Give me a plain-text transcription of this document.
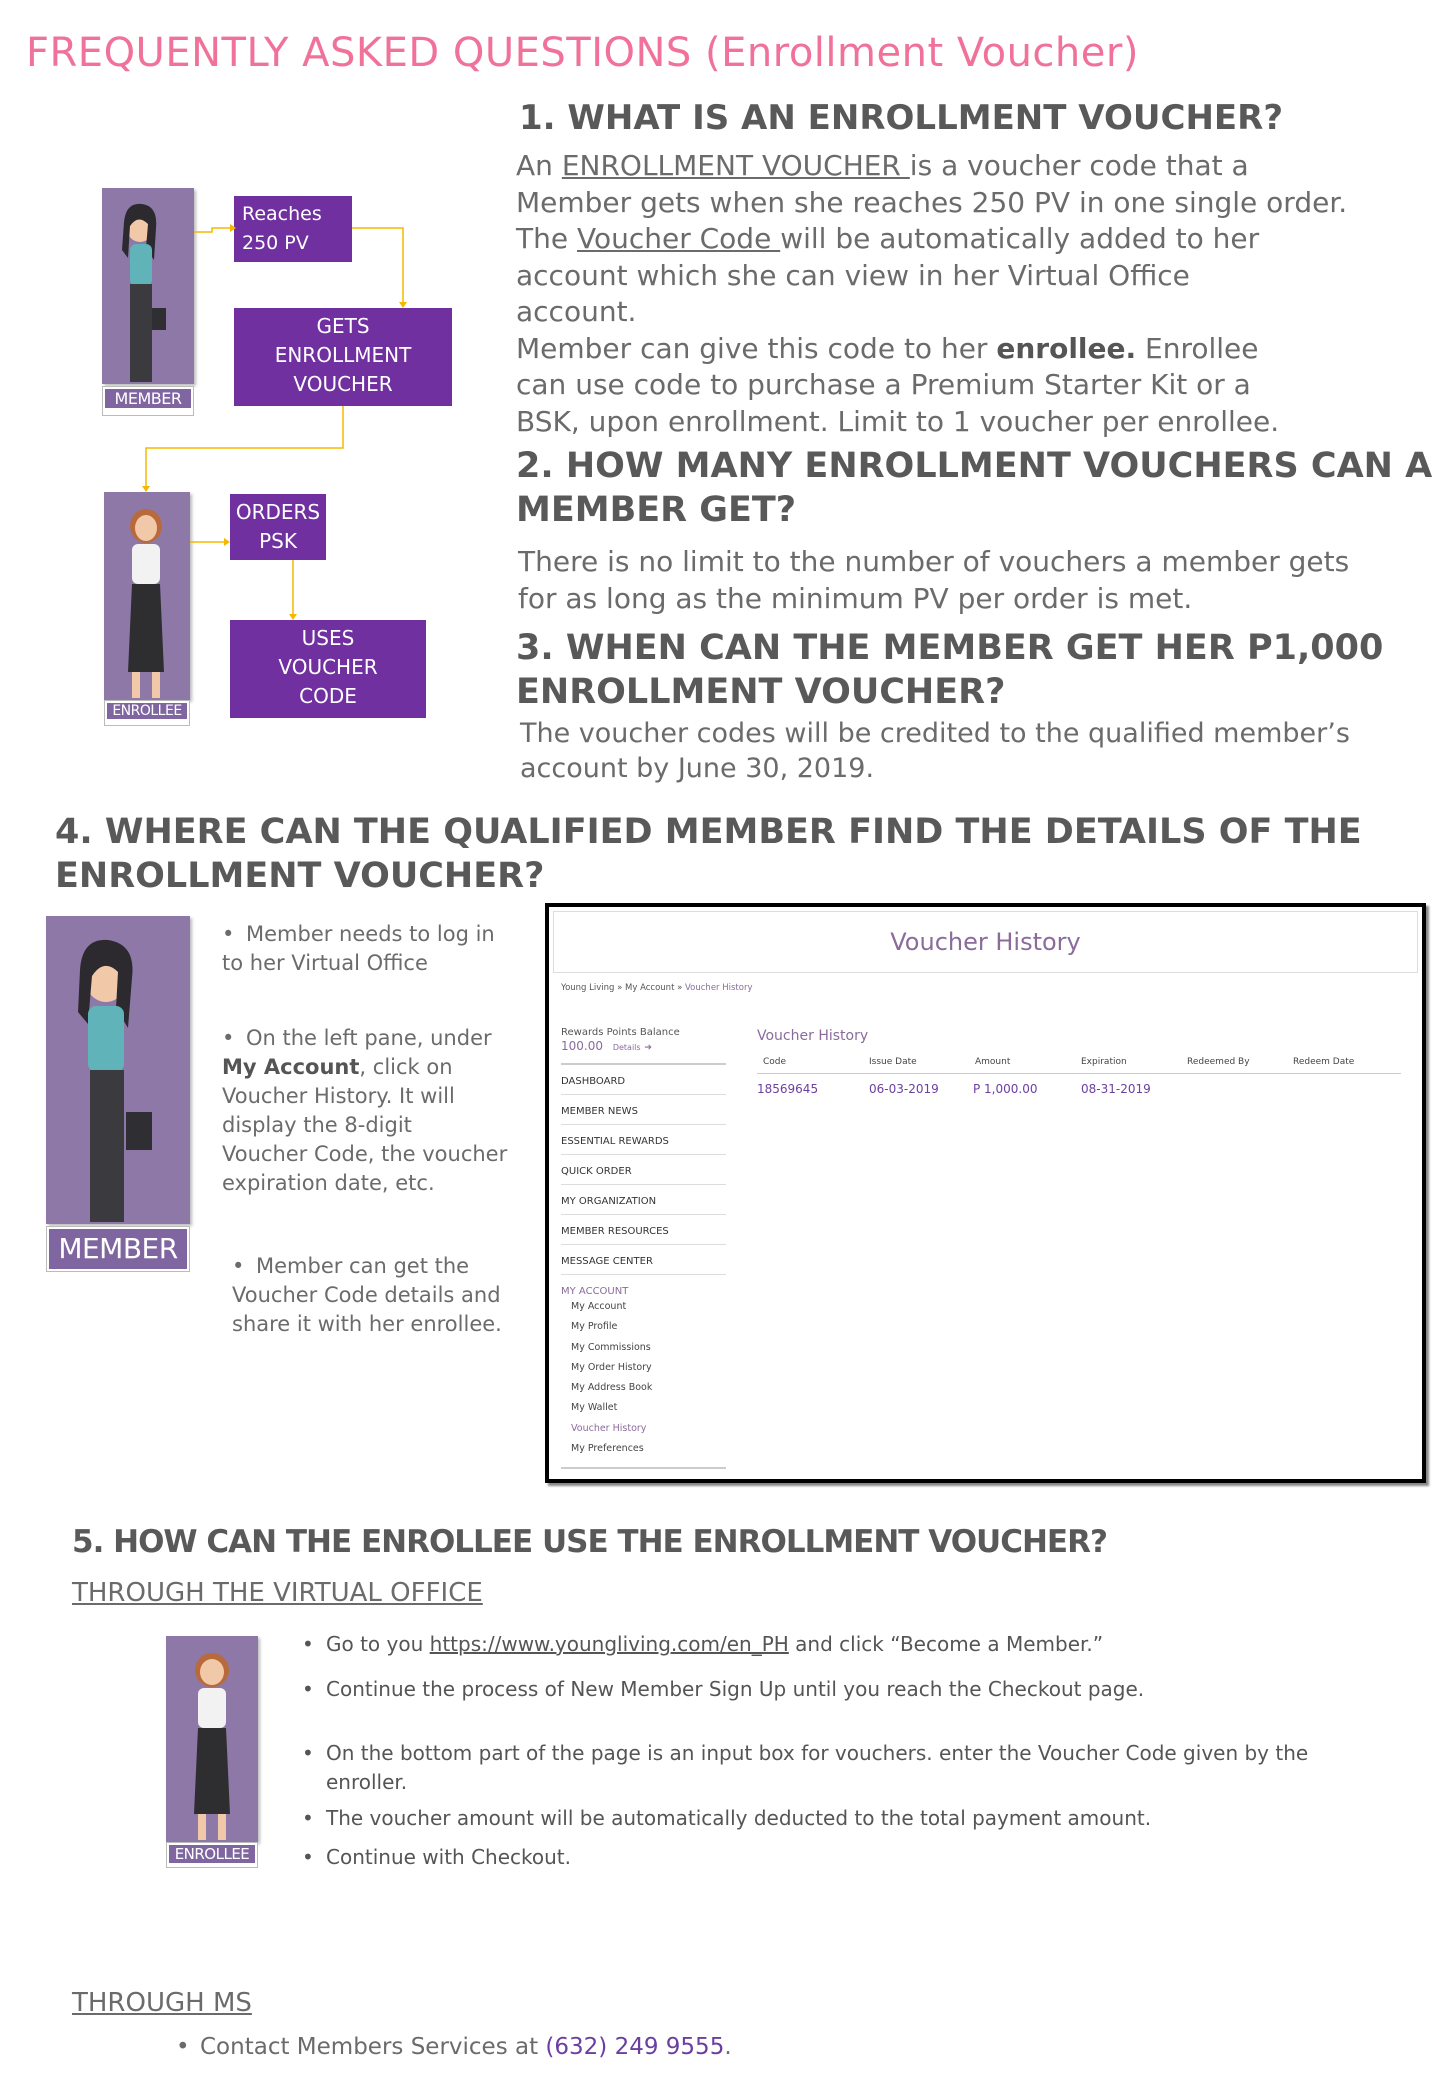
FREQUENTLY ASKED QUESTIONS (Enrollment Voucher)
MEMBER
Reaches
250 PV
GETS
ENROLLMENT
VOUCHER
ENROLLEE
ORDERS
PSK
USES
VOUCHER
CODE
1. WHAT IS AN ENROLLMENT VOUCHER?
An ENROLLMENT VOUCHER is a voucher code that a
Member gets when she reaches 250 PV in one single order.
The Voucher Code will be automatically added to her
account which she can view in her Virtual Office
account.
Member can give this code to her enrollee. Enrollee
can use code to purchase a Premium Starter Kit or a
BSK, upon enrollment. Limit to 1 voucher per enrollee.
2. HOW MANY ENROLLMENT VOUCHERS CAN A
MEMBER GET?
There is no limit to the number of vouchers a member gets
for as long as the minimum PV per order is met.
3. WHEN CAN THE MEMBER GET HER P1,000
ENROLLMENT VOUCHER?
The voucher codes will be credited to the qualified member’s
account by June 30, 2019.
4. WHERE CAN THE QUALIFIED MEMBER FIND THE DETAILS OF THE
ENROLLMENT VOUCHER?
MEMBER
• Member needs to log in
to her Virtual Office
• On the left pane, under
My Account, click on
Voucher History. It will
display the 8-digit
Voucher Code, the voucher
expiration date, etc.
• Member can get the
Voucher Code details and
share it with her enrollee.
Voucher History
Young Living » My Account » Voucher History
Rewards Points Balance
100.00 Details ➔
DASHBOARD
MEMBER NEWS
ESSENTIAL REWARDS
QUICK ORDER
MY ORGANIZATION
MEMBER RESOURCES
MESSAGE CENTER
MY ACCOUNT
My Account
My Profile
My Commissions
My Order History
My Address Book
My Wallet
Voucher History
My Preferences
Voucher History
Code	Issue Date	Amount	Expiration	Redeemed By	Redeem Date
18569645	06-03-2019	P 1,000.00	08-31-2019
5. HOW CAN THE ENROLLEE USE THE ENROLLMENT VOUCHER?
THROUGH THE VIRTUAL OFFICE
ENROLLEE
• Go to you https://www.youngliving.com/en_PH and click “Become a Member.”
• Continue the process of New Member Sign Up until you reach the Checkout page.
• On the bottom part of the page is an input box for vouchers. enter the Voucher Code given by the
enroller.
• The voucher amount will be automatically deducted to the total payment amount.
• Continue with Checkout.
THROUGH MS
• Contact Members Services at (632) 249 9555.
